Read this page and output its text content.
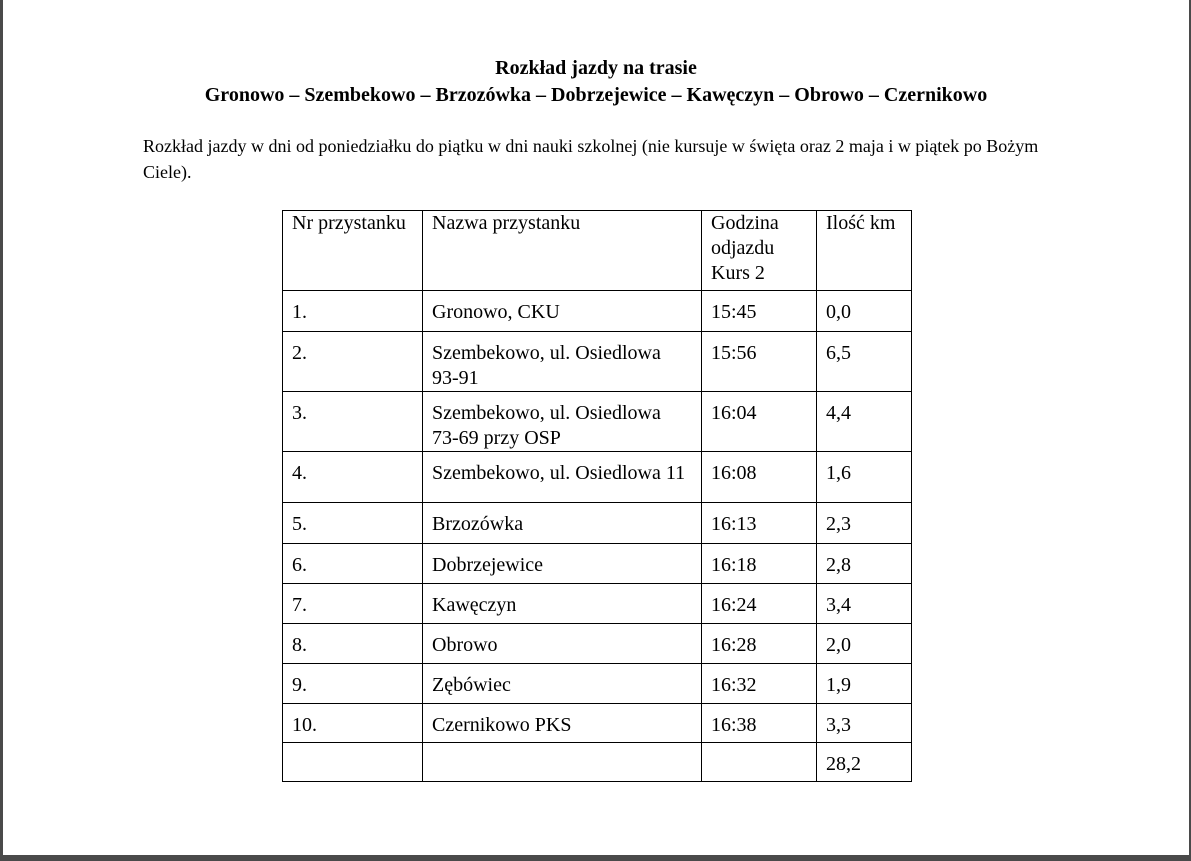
Rozkład jazdy na trasie
Gronowo – Szembekowo – Brzozówka – Dobrzejewice – Kawęczyn – Obrowo – Czernikowo
Rozkład jazdy w dni od poniedziałku do piątku w dni nauki szkolnej (nie kursuje w święta oraz 2 maja i w piątek po Bożym Ciele).
Nr przystanku	Nazwa przystanku	Godzina odjazdu Kurs 2	Ilość km
1.	Gronowo, CKU	15:45	0,0
2.	Szembekowo, ul. Osiedlowa 93-91	15:56	6,5
3.	Szembekowo, ul. Osiedlowa 73-69 przy OSP	16:04	4,4
4.	Szembekowo, ul. Osiedlowa 11	16:08	1,6
5.	Brzozówka	16:13	2,3
6.	Dobrzejewice	16:18	2,8
7.	Kawęczyn	16:24	3,4
8.	Obrowo	16:28	2,0
9.	Zębówiec	16:32	1,9
10.	Czernikowo PKS	16:38	3,3
			28,2
